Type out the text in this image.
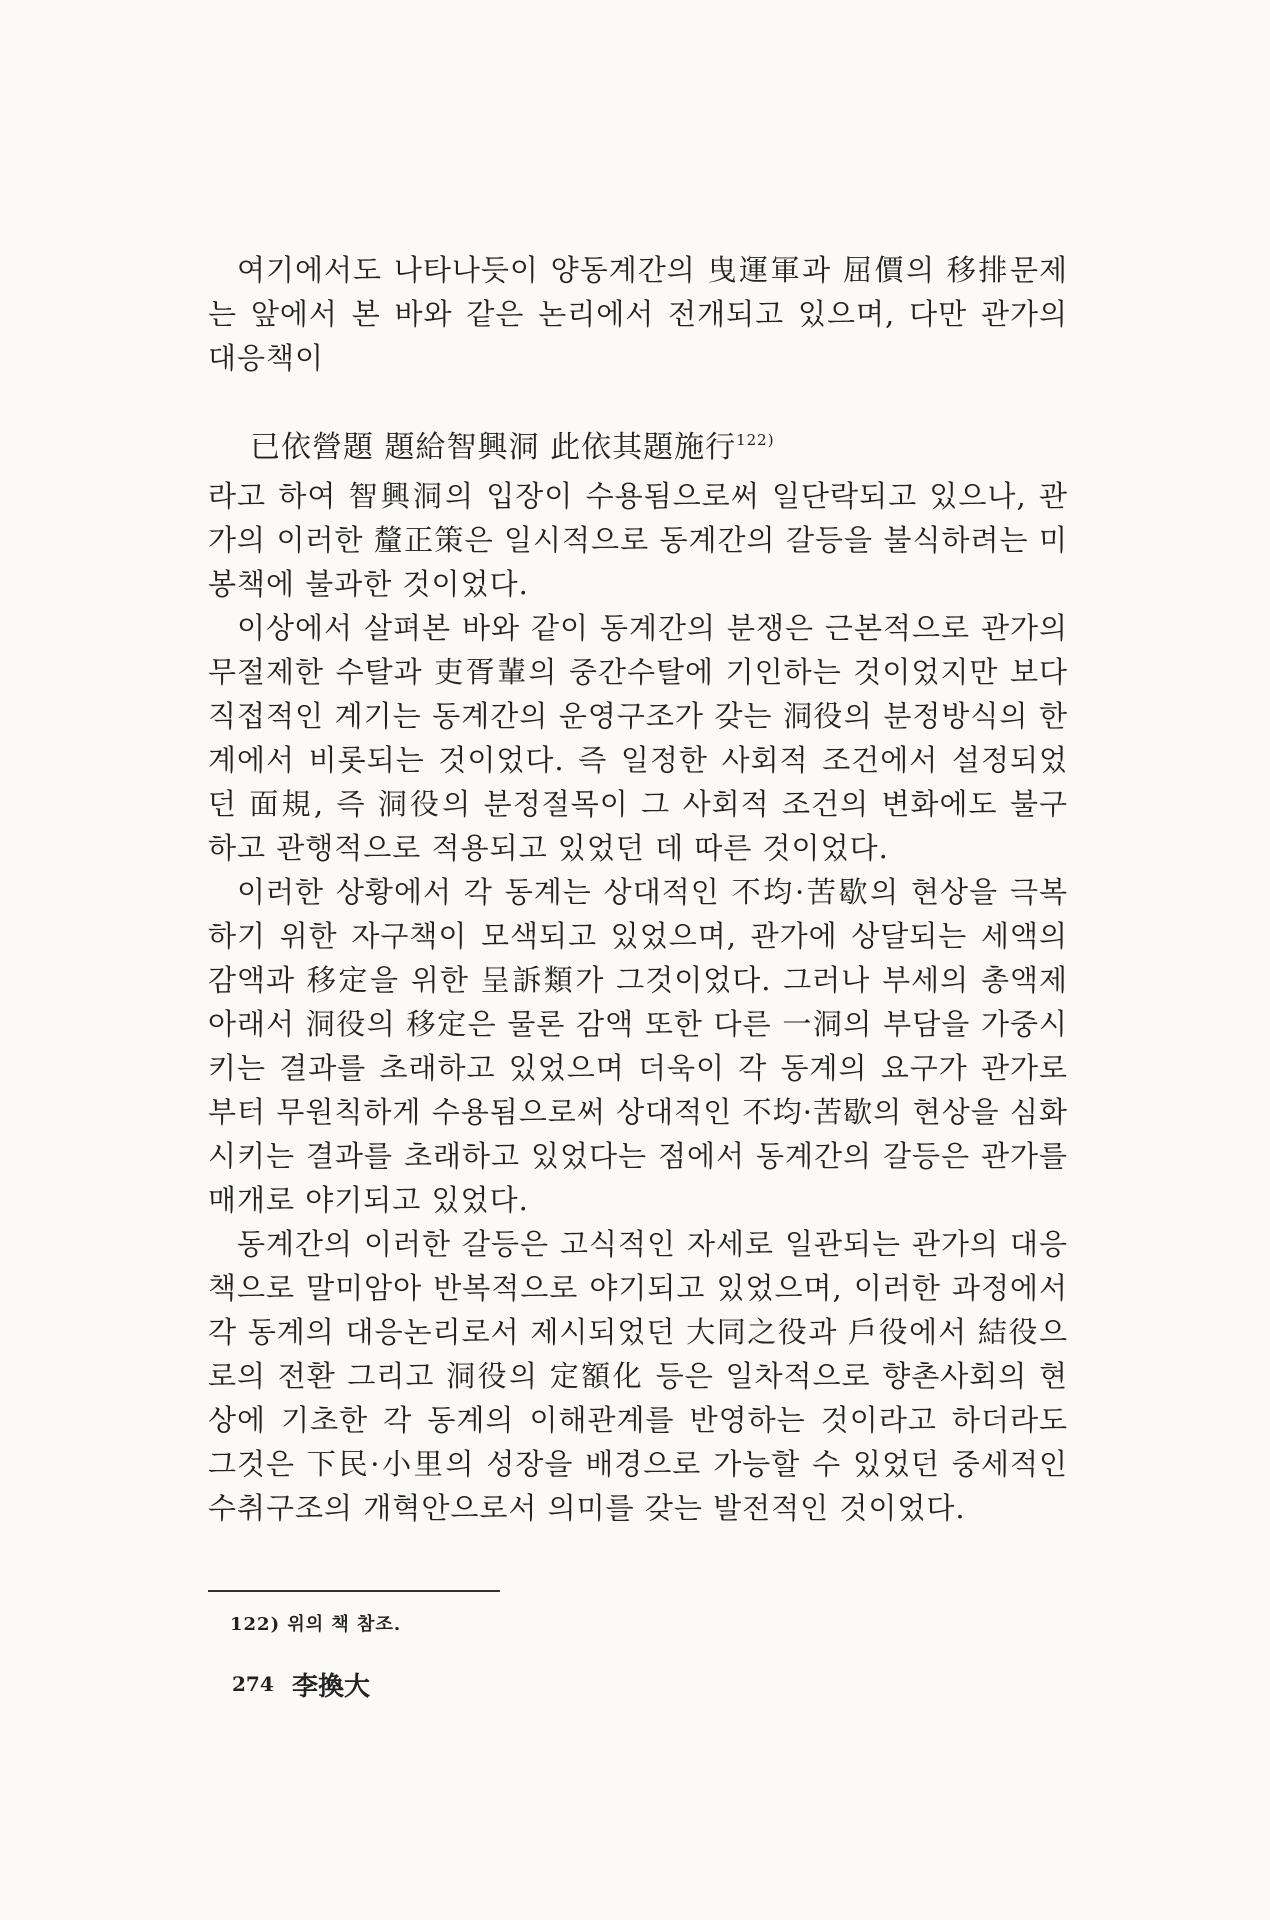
여기에서도 나타나듯이 양동계간의 曳運軍과 屈價의 移排문제는 앞에서 본 바와 같은 논리에서 전개되고 있으며, 다만 관가의 대응책이

已依營題 題給智興洞 此依其題施行$^{122)}$

라고 하여 智興洞의 입장이 수용됨으로써 일단락되고 있으나, 관가의 이러한 釐正策은 일시적으로 동계간의 갈등을 불식하려는 미봉책에 불과한 것이었다.

이상에서 살펴본 바와 같이 동계간의 분쟁은 근본적으로 관가의 무절제한 수탈과 吏胥輩의 중간수탈에 기인하는 것이었지만 보다 직접적인 계기는 동계간의 운영구조가 갖는 洞役의 분정방식의 한계에서 비롯되는 것이었다. 즉 일정한 사회적 조건에서 설정되었던 面規, 즉 洞役의 분정절목이 그 사회적 조건의 변화에도 불구하고 관행적으로 적용되고 있었던 데 따른 것이었다.

이러한 상황에서 각 동계는 상대적인 不均·苦歇의 현상을 극복하기 위한 자구책이 모색되고 있었으며, 관가에 상달되는 세액의 감액과 移定을 위한 呈訴類가 그것이었다. 그러나 부세의 총액제 아래서 洞役의 移定은 물론 감액 또한 다른 一洞의 부담을 가중시키는 결과를 초래하고 있었으며 더욱이 각 동계의 요구가 관가로부터 무원칙하게 수용됨으로써 상대적인 不均·苦歇의 현상을 심화시키는 결과를 초래하고 있었다는 점에서 동계간의 갈등은 관가를 매개로 야기되고 있었다.

동계간의 이러한 갈등은 고식적인 자세로 일관되는 관가의 대응책으로 말미암아 반복적으로 야기되고 있었으며, 이러한 과정에서 각 동계의 대응논리로서 제시되었던 大同之役과 戶役에서 結役으로의 전환 그리고 洞役의 定額化 등은 일차적으로 향촌사회의 현상에 기초한 각 동계의 이해관계를 반영하는 것이라고 하더라도 그것은 下民·小里의 성장을 배경으로 가능할 수 있었던 중세적인 수취구조의 개혁안으로서 의미를 갖는 발전적인 것이었다.

122) 위의 책 참조.
274 李換大
